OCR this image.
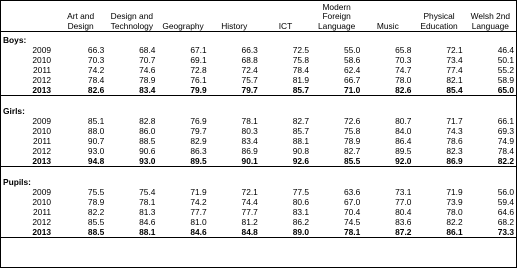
	Art and Design	Design and Technology	Geography	History	ICT	Modern Foreign Language	Music	Physical Education	Welsh 2nd Language

Boys:									
2009	66.3	68.4	67.1	66.3	72.5	55.0	65.8	72.1	46.4
2010	70.3	70.7	69.1	68.8	75.8	58.6	70.3	73.4	50.1
2011	74.2	74.6	72.8	72.4	78.4	62.4	74.7	77.4	55.2
2012	78.4	78.9	76.1	75.7	81.9	66.7	78.0	82.1	58.9
2013	82.6	83.4	79.9	79.7	85.7	71.0	82.6	85.4	65.0

Girls:									
2009	85.1	82.8	76.9	78.1	82.7	72.6	80.7	71.7	66.1
2010	88.0	86.0	79.7	80.3	85.7	75.8	84.0	74.3	69.3
2011	90.7	88.5	82.9	83.4	88.1	78.9	86.4	78.6	74.9
2012	93.0	90.6	86.3	86.9	90.8	82.7	89.5	82.3	78.4
2013	94.8	93.0	89.5	90.1	92.6	85.5	92.0	86.9	82.2

Pupils:									
2009	75.5	75.4	71.9	72.1	77.5	63.6	73.1	71.9	56.0
2010	78.9	78.1	74.2	74.4	80.6	67.0	77.0	73.9	59.4
2011	82.2	81.3	77.7	77.7	83.1	70.4	80.4	78.0	64.6
2012	85.5	84.6	81.0	81.2	86.2	74.5	83.6	82.2	68.2
2013	88.5	88.1	84.6	84.8	89.0	78.1	87.2	86.1	73.3
